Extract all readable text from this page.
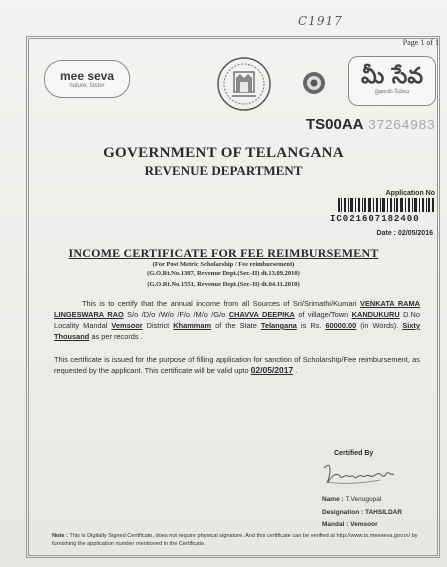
C1917
Page 1 of 1
mee seva
nature, faster	మీ సేవ
ప్రజలకు సేవలు
TS00AA 37264983
GOVERNMENT OF TELANGANA
REVENUE DEPARTMENT
Application No
IC021607182400
Date : 02/05/2016
INCOME CERTIFICATE FOR FEE REIMBURSEMENT
(For Post Metric Scholarship / Fee reimbursement)
(G.O.Rt.No.1307, Revenue Dept.(Ser.-II) dt.13.09.2010)
(G.O.Rt.No.1551, Revenue Dept.(Ser.-II) dt.04.11.2010)
This is to certify that the annual income from all Sources of Sri/Srimathi/Kumari VENKATA RAMA LINGESWARA RAO S/o /D/o /W/o /F/o /M/o /G/o CHAVVA DEEPIKA of village/Town KANDUKURU D.No Locality Mandal Vemsoor District Khammam of the State Telangana is Rs. 60000.00 (in Words). Sixty Thousand as per records .
This certificate is issued for the purpose of filling application for sanction of Scholarship/Fee reimbursement, as requested by the applicant. This certificate will be valid upto 02/05/2017 .
Certified By
Name : T.Venugopal
Designation : TAHSILDAR
Mandal : Vemsoor
Note : This is Digitally Signed Certificate, does not require physical signature. And this certificate can be verified at http://www.ts.meeseva.gov.in/ by furnishing the application number mentioned in the Certificate.
